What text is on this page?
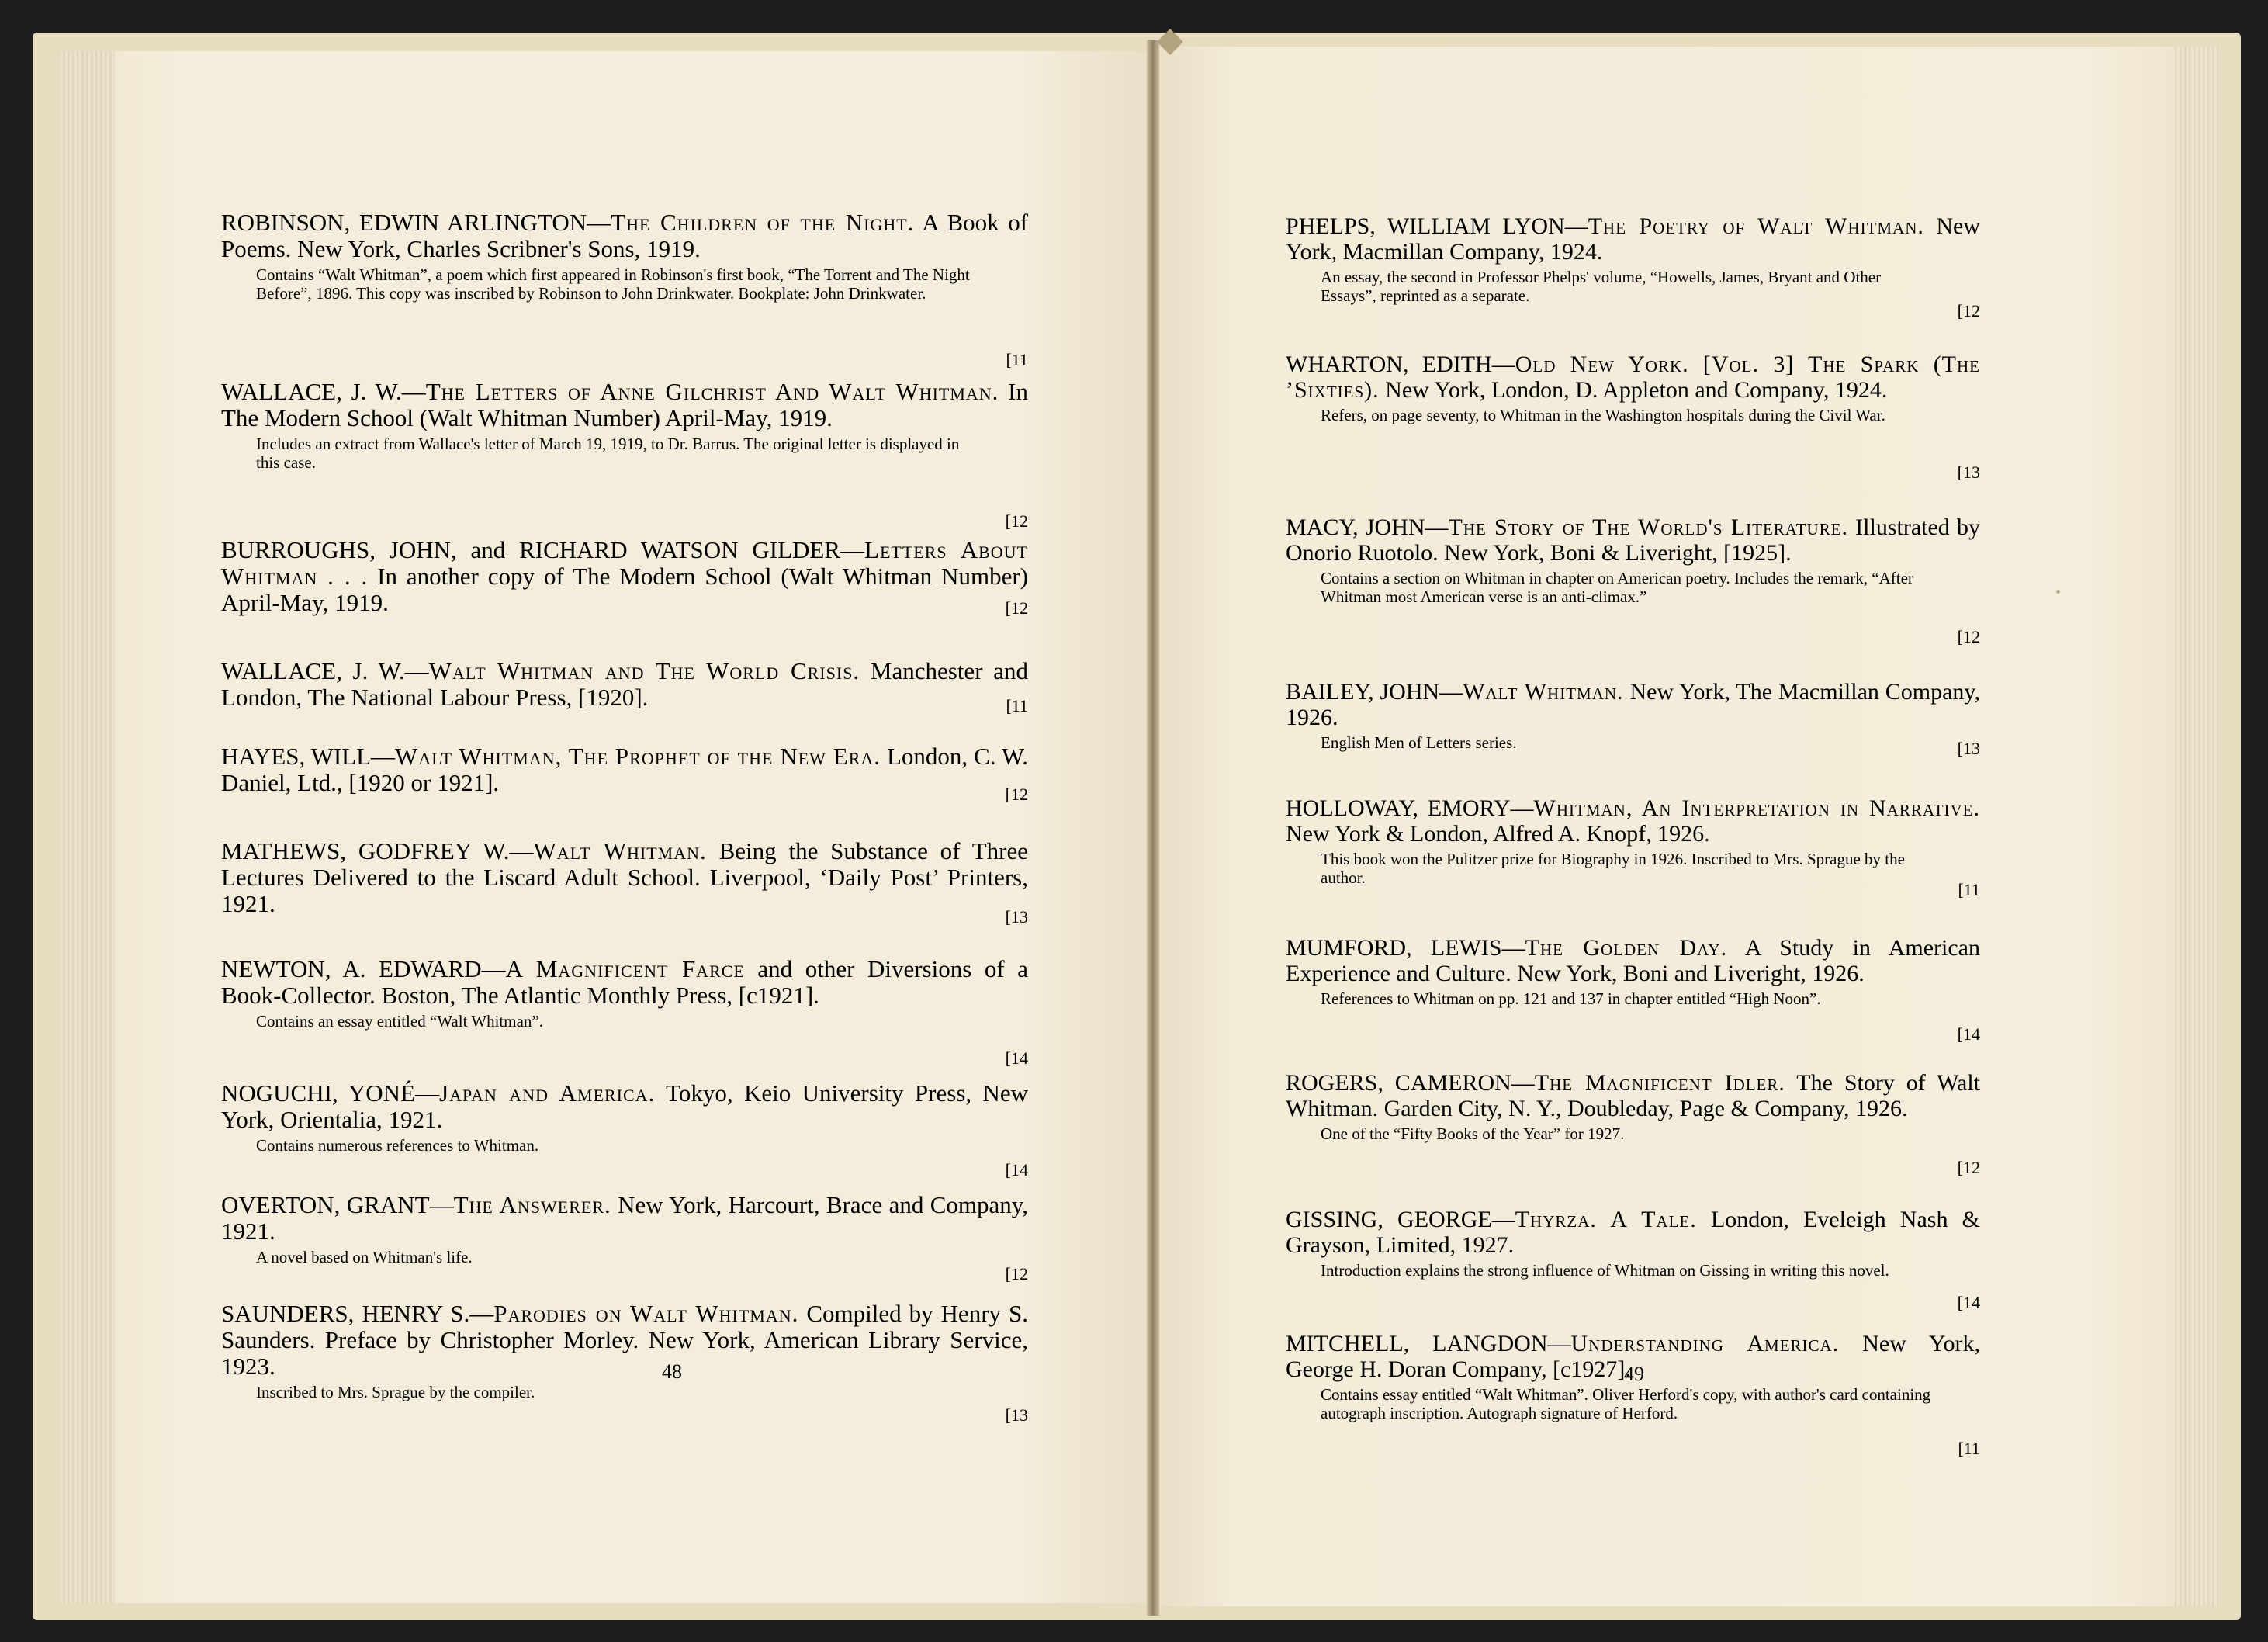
ROBINSON, EDWIN ARLINGTON—The Children of the Night. A Book of Poems. New York, Charles Scribner's Sons, 1919.
Contains “Walt Whitman”, a poem which first appeared in Robinson's first book, “The Torrent and The Night Before”, 1896. This copy was inscribed by Robinson to John Drinkwater. Bookplate: John Drinkwater.
[11
WALLACE, J. W.—The Letters of Anne Gilchrist And Walt Whitman. In The Modern School (Walt Whitman Number) April-May, 1919.
Includes an extract from Wallace's letter of March 19, 1919, to Dr. Barrus. The original letter is displayed in this case.
[12
BURROUGHS, JOHN, and RICHARD WATSON GILDER—Letters About Whitman . . . In another copy of The Modern School (Walt Whitman Number) April-May, 1919.	[12
WALLACE, J. W.—Walt Whitman and The World Crisis. Manchester and London, The National Labour Press, [1920].	[11
HAYES, WILL—Walt Whitman, The Prophet of the New Era. London, C. W. Daniel, Ltd., [1920 or 1921].	[12
MATHEWS, GODFREY W.—Walt Whitman. Being the Substance of Three Lectures Delivered to the Liscard Adult School. Liverpool, ‘Daily Post’ Printers, 1921.	[13
NEWTON, A. EDWARD—A Magnificent Farce and other Diversions of a Book-Collector. Boston, The Atlantic Monthly Press, [c1921].
Contains an essay entitled “Walt Whitman”.
[14
NOGUCHI, YONÉ—Japan and America. Tokyo, Keio University Press, New York, Orientalia, 1921.
Contains numerous references to Whitman.
[14
OVERTON, GRANT—The Answerer. New York, Harcourt, Brace and Company, 1921.
A novel based on Whitman's life.
[12
SAUNDERS, HENRY S.—Parodies on Walt Whitman. Compiled by Henry S. Saunders. Preface by Christopher Morley. New York, American Library Service, 1923.
Inscribed to Mrs. Sprague by the compiler.
[13
48
PHELPS, WILLIAM LYON—The Poetry of Walt Whitman. New York, Macmillan Company, 1924.
An essay, the second in Professor Phelps' volume, “Howells, James, Bryant and Other Essays”, reprinted as a separate.
[12
WHARTON, EDITH—Old New York. [Vol. 3] The Spark (The ’Sixties). New York, London, D. Appleton and Company, 1924.
Refers, on page seventy, to Whitman in the Washington hospitals during the Civil War.
[13
MACY, JOHN—The Story of The World's Literature. Illustrated by Onorio Ruotolo. New York, Boni & Liveright, [1925].
Contains a section on Whitman in chapter on American poetry. Includes the remark, “After Whitman most American verse is an anti-climax.”
[12
BAILEY, JOHN—Walt Whitman. New York, The Macmillan Company, 1926.
English Men of Letters series.	[13
HOLLOWAY, EMORY—Whitman, An Interpretation in Narrative. New York & London, Alfred A. Knopf, 1926.
This book won the Pulitzer prize for Biography in 1926. Inscribed to Mrs. Sprague by the author.
[11
MUMFORD, LEWIS—The Golden Day. A Study in American Experience and Culture. New York, Boni and Liveright, 1926.
References to Whitman on pp. 121 and 137 in chapter entitled “High Noon”.
[14
ROGERS, CAMERON—The Magnificent Idler. The Story of Walt Whitman. Garden City, N. Y., Doubleday, Page & Company, 1926.
One of the “Fifty Books of the Year” for 1927.
[12
GISSING, GEORGE—Thyrza. A Tale. London, Eveleigh Nash & Grayson, Limited, 1927.
Introduction explains the strong influence of Whitman on Gissing in writing this novel.
[14
MITCHELL, LANGDON—Understanding America. New York, George H. Doran Company, [c1927].
Contains essay entitled “Walt Whitman”. Oliver Herford's copy, with author's card containing autograph inscription. Autograph signature of Herford.
[11
49
